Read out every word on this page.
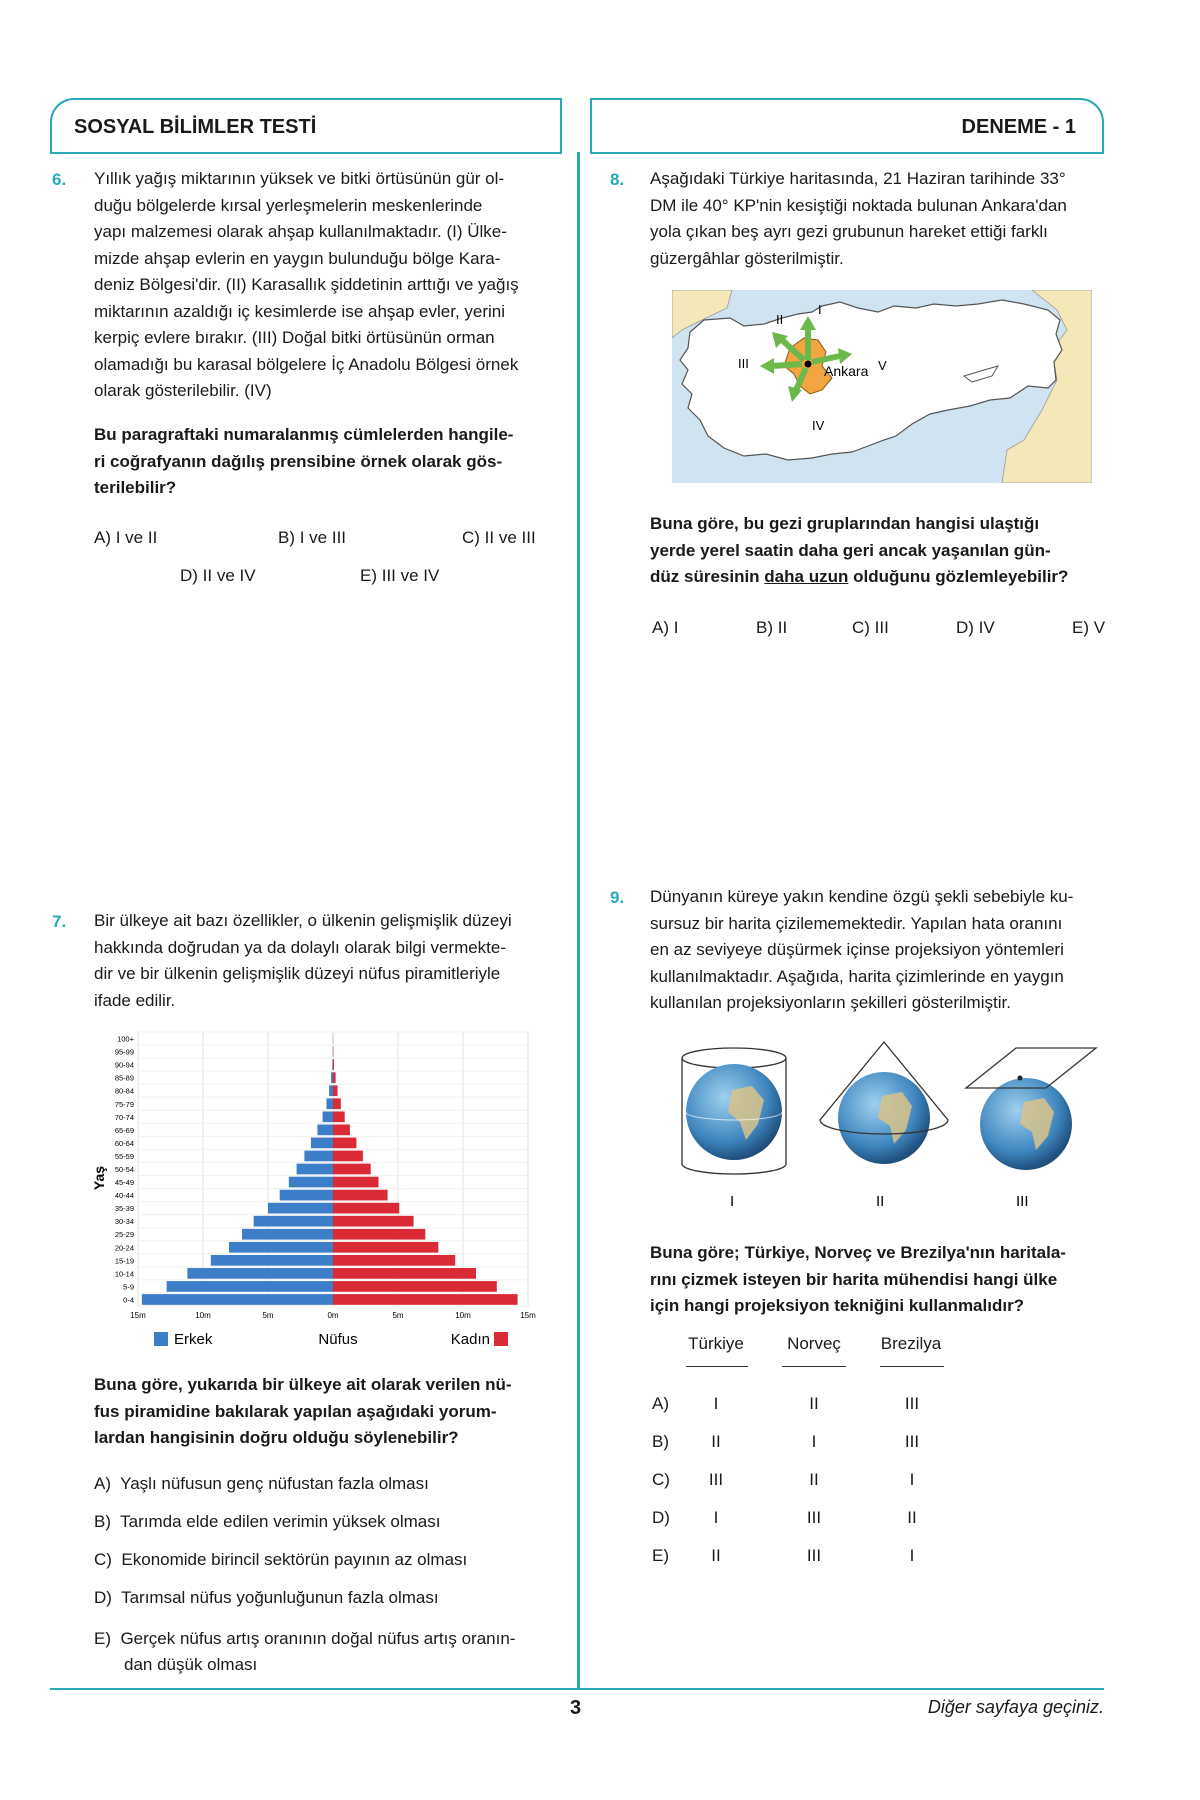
SOSYAL BİLİMLER TESTİ	DENEME - 1
6. Yıllık yağış miktarının yüksek ve bitki örtüsünün gür ol-
duğu bölgelerde kırsal yerleşmelerin meskenlerinde
yapı malzemesi olarak ahşap kullanılmaktadır. (I) Ülke-
mizde ahşap evlerin en yaygın bulunduğu bölge Kara-
deniz Bölgesi'dir. (II) Karasallık şiddetinin arttığı ve yağış
miktarının azaldığı iç kesimlerde ise ahşap evler, yerini
kerpiç evlere bırakır. (III) Doğal bitki örtüsünün orman
olamadığı bu karasal bölgelere İç Anadolu Bölgesi örnek
olarak gösterilebilir. (IV)
Bu paragraftaki numaralanmış cümlelerden hangile-
ri coğrafyanın dağılış prensibine örnek olarak gös-
terilebilir?
A) I ve II	B) I ve III	C) II ve III
D) II ve IV	E) III ve IV
7. Bir ülkeye ait bazı özellikler, o ülkenin gelişmişlik düzeyi
hakkında doğrudan ya da dolaylı olarak bilgi vermekte-
dir ve bir ülkenin gelişmişlik düzeyi nüfus piramitleriyle
ifade edilir.
0-4
5-9
10-14
15-19
20-24
25-29
30-34
35-39
40-44
45-49
50-54
55-59
60-64
65-69
70-74
75-79
80-84
85-89
90-94
95-99
100+
15m	10m	5m	0m	5m	10m	15m
Yaş
Erkek	Nüfus	Kadın
Buna göre, yukarıda bir ülkeye ait olarak verilen nü-
fus piramidine bakılarak yapılan aşağıdaki yorum-
lardan hangisinin doğru olduğu söylenebilir?
A) Yaşlı nüfusun genç nüfustan fazla olması
B) Tarımda elde edilen verimin yüksek olması
C) Ekonomide birincil sektörün payının az olması
D) Tarımsal nüfus yoğunluğunun fazla olması
E) Gerçek nüfus artış oranının doğal nüfus artış oranın-
dan düşük olması
8. Aşağıdaki Türkiye haritasında, 21 Haziran tarihinde 33°
DM ile 40° KP'nin kesiştiği noktada bulunan Ankara'dan
yola çıkan beş ayrı gezi grubunun hareket ettiği farklı
güzergâhlar gösterilmiştir.
I
II
III
IV
V
Ankara
Buna göre, bu gezi gruplarından hangisi ulaştığı
yerde yerel saatin daha geri ancak yaşanılan gün-
düz süresinin daha uzun olduğunu gözlemleyebilir?
A) I	B) II	C) III	D) IV	E) V
9. Dünyanın küreye yakın kendine özgü şekli sebebiyle ku-
sursuz bir harita çizilememektedir. Yapılan hata oranını
en az seviyeye düşürmek içinse projeksiyon yöntemleri
kullanılmaktadır. Aşağıda, harita çizimlerinde en yaygın
kullanılan projeksiyonların şekilleri gösterilmiştir.
I	II	III
Buna göre; Türkiye, Norveç ve Brezilya'nın haritala-
rını çizmek isteyen bir harita mühendisi hangi ülke
için hangi projeksiyon tekniğini kullanmalıdır?
Türkiye	Norveç	Brezilya
A)	I	II	III
B)	II	I	III
C)	III	II	I
D)	I	III	II
E)	II	III	I
3	Diğer sayfaya geçiniz.
